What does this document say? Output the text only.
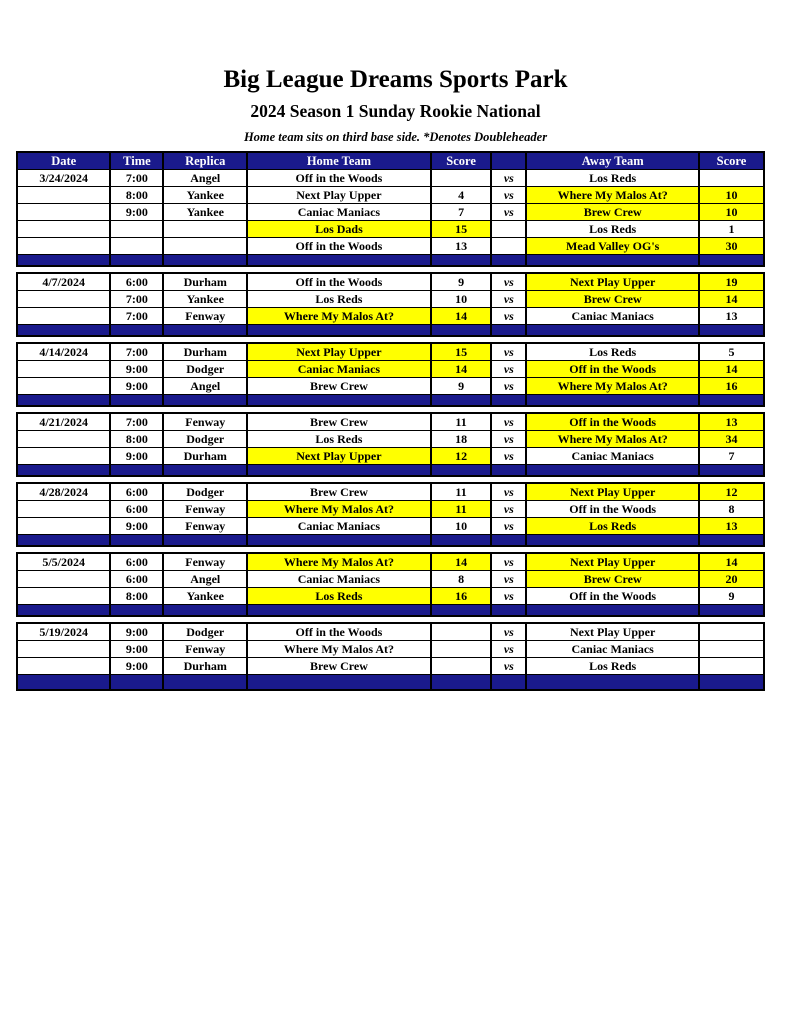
Big League Dreams Sports Park
2024 Season 1 Sunday Rookie National
Home team sits on third base side. *Denotes Doubleheader
Date	Time	Replica	Home Team	Score		Away Team	Score
3/24/2024	7:00	Angel	Off in the Woods		vs	Los Reds	
	8:00	Yankee	Next Play Upper	4	vs	Where My Malos At?	10
	9:00	Yankee	Caniac Maniacs	7	vs	Brew Crew	10
			Los Dads	15		Los Reds	1
			Off in the Woods	13		Mead Valley OG's	30

4/7/2024	6:00	Durham	Off in the Woods	9	vs	Next Play Upper	19
	7:00	Yankee	Los Reds	10	vs	Brew Crew	14
	7:00	Fenway	Where My Malos At?	14	vs	Caniac Maniacs	13

4/14/2024	7:00	Durham	Next Play Upper	15	vs	Los Reds	5
	9:00	Dodger	Caniac Maniacs	14	vs	Off in the Woods	14
	9:00	Angel	Brew Crew	9	vs	Where My Malos At?	16

4/21/2024	7:00	Fenway	Brew Crew	11	vs	Off in the Woods	13
	8:00	Dodger	Los Reds	18	vs	Where My Malos At?	34
	9:00	Durham	Next Play Upper	12	vs	Caniac Maniacs	7

4/28/2024	6:00	Dodger	Brew Crew	11	vs	Next Play Upper	12
	6:00	Fenway	Where My Malos At?	11	vs	Off in the Woods	8
	9:00	Fenway	Caniac Maniacs	10	vs	Los Reds	13

5/5/2024	6:00	Fenway	Where My Malos At?	14	vs	Next Play Upper	14
	6:00	Angel	Caniac Maniacs	8	vs	Brew Crew	20
	8:00	Yankee	Los Reds	16	vs	Off in the Woods	9

5/19/2024	9:00	Dodger	Off in the Woods		vs	Next Play Upper	
	9:00	Fenway	Where My Malos At?		vs	Caniac Maniacs	
	9:00	Durham	Brew Crew		vs	Los Reds	
